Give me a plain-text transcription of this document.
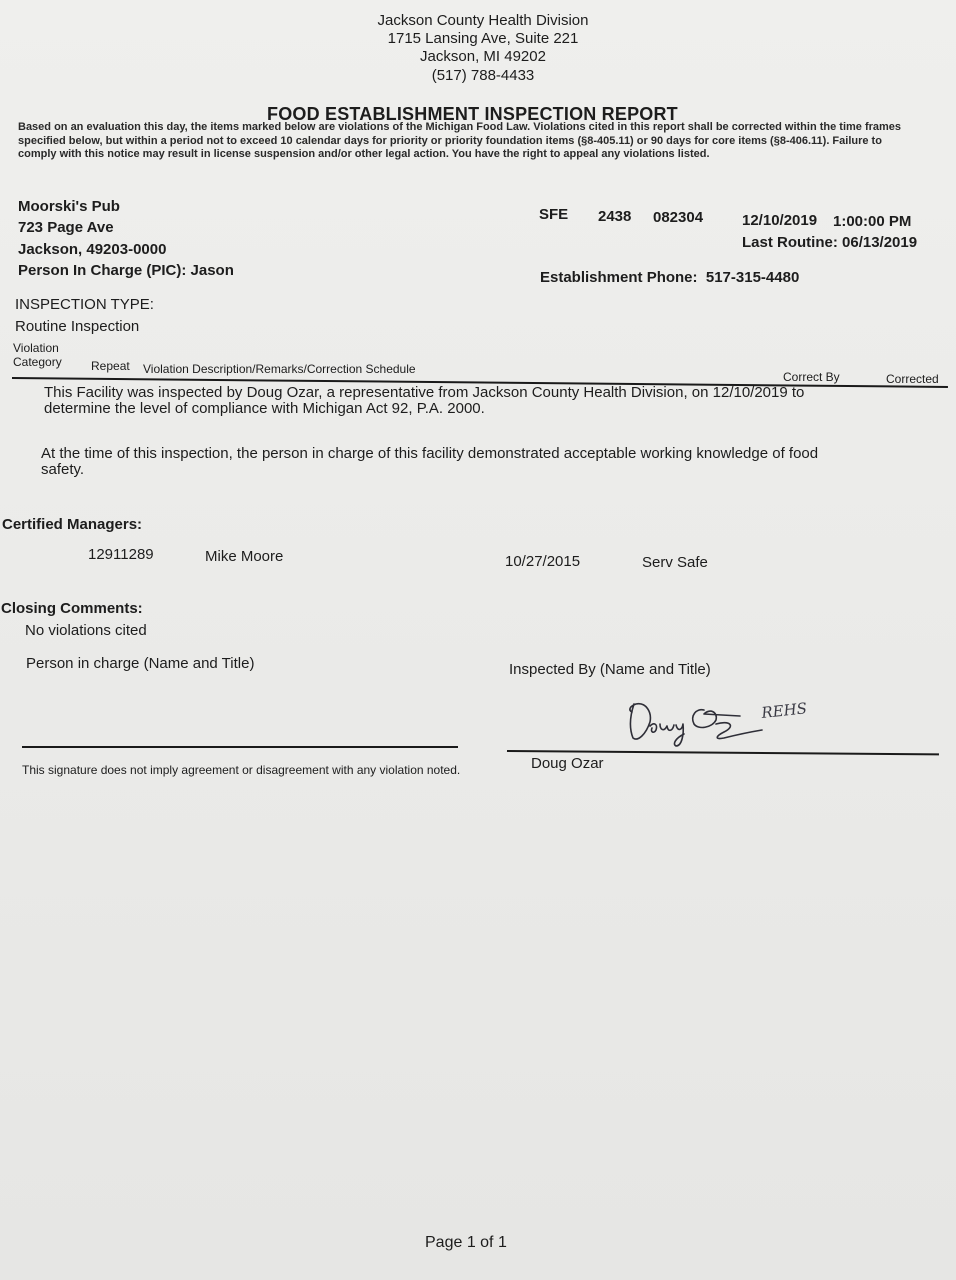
Jackson County Health Division
1715 Lansing Ave, Suite 221
Jackson, MI 49202
(517) 788-4433
FOOD ESTABLISHMENT INSPECTION REPORT
Based on an evaluation this day, the items marked below are violations of the Michigan Food Law. Violations cited in this report shall be corrected within the time frames specified below, but within a period not to exceed 10 calendar days for priority or priority foundation items (§8-405.11) or 90 days for core items (§8-406.11). Failure to comply with this notice may result in license suspension and/or other legal action. You have the right to appeal any violations listed.
Moorski's Pub
723 Page Ave
Jackson, 49203-0000
Person In Charge (PIC): Jason
SFE 2438 082304	12/10/2019 1:00:00 PM
Last Routine: 06/13/2019
Establishment Phone: 517-315-4480
INSPECTION TYPE:
Routine Inspection
Violation
Category Repeat Violation Description/Remarks/Correction Schedule
Correct By	Corrected
This Facility was inspected by Doug Ozar, a representative from Jackson County Health Division, on 12/10/2019 to determine the level of compliance with Michigan Act 92, P.A. 2000.
At the time of this inspection, the person in charge of this facility demonstrated acceptable working knowledge of food safety.
Certified Managers:
12911289	Mike Moore	10/27/2015	Serv Safe
Closing Comments:
No violations cited
Person in charge (Name and Title)	Inspected By (Name and Title)
REHS
This signature does not imply agreement or disagreement with any violation noted.	Doug Ozar
Page 1 of 1
